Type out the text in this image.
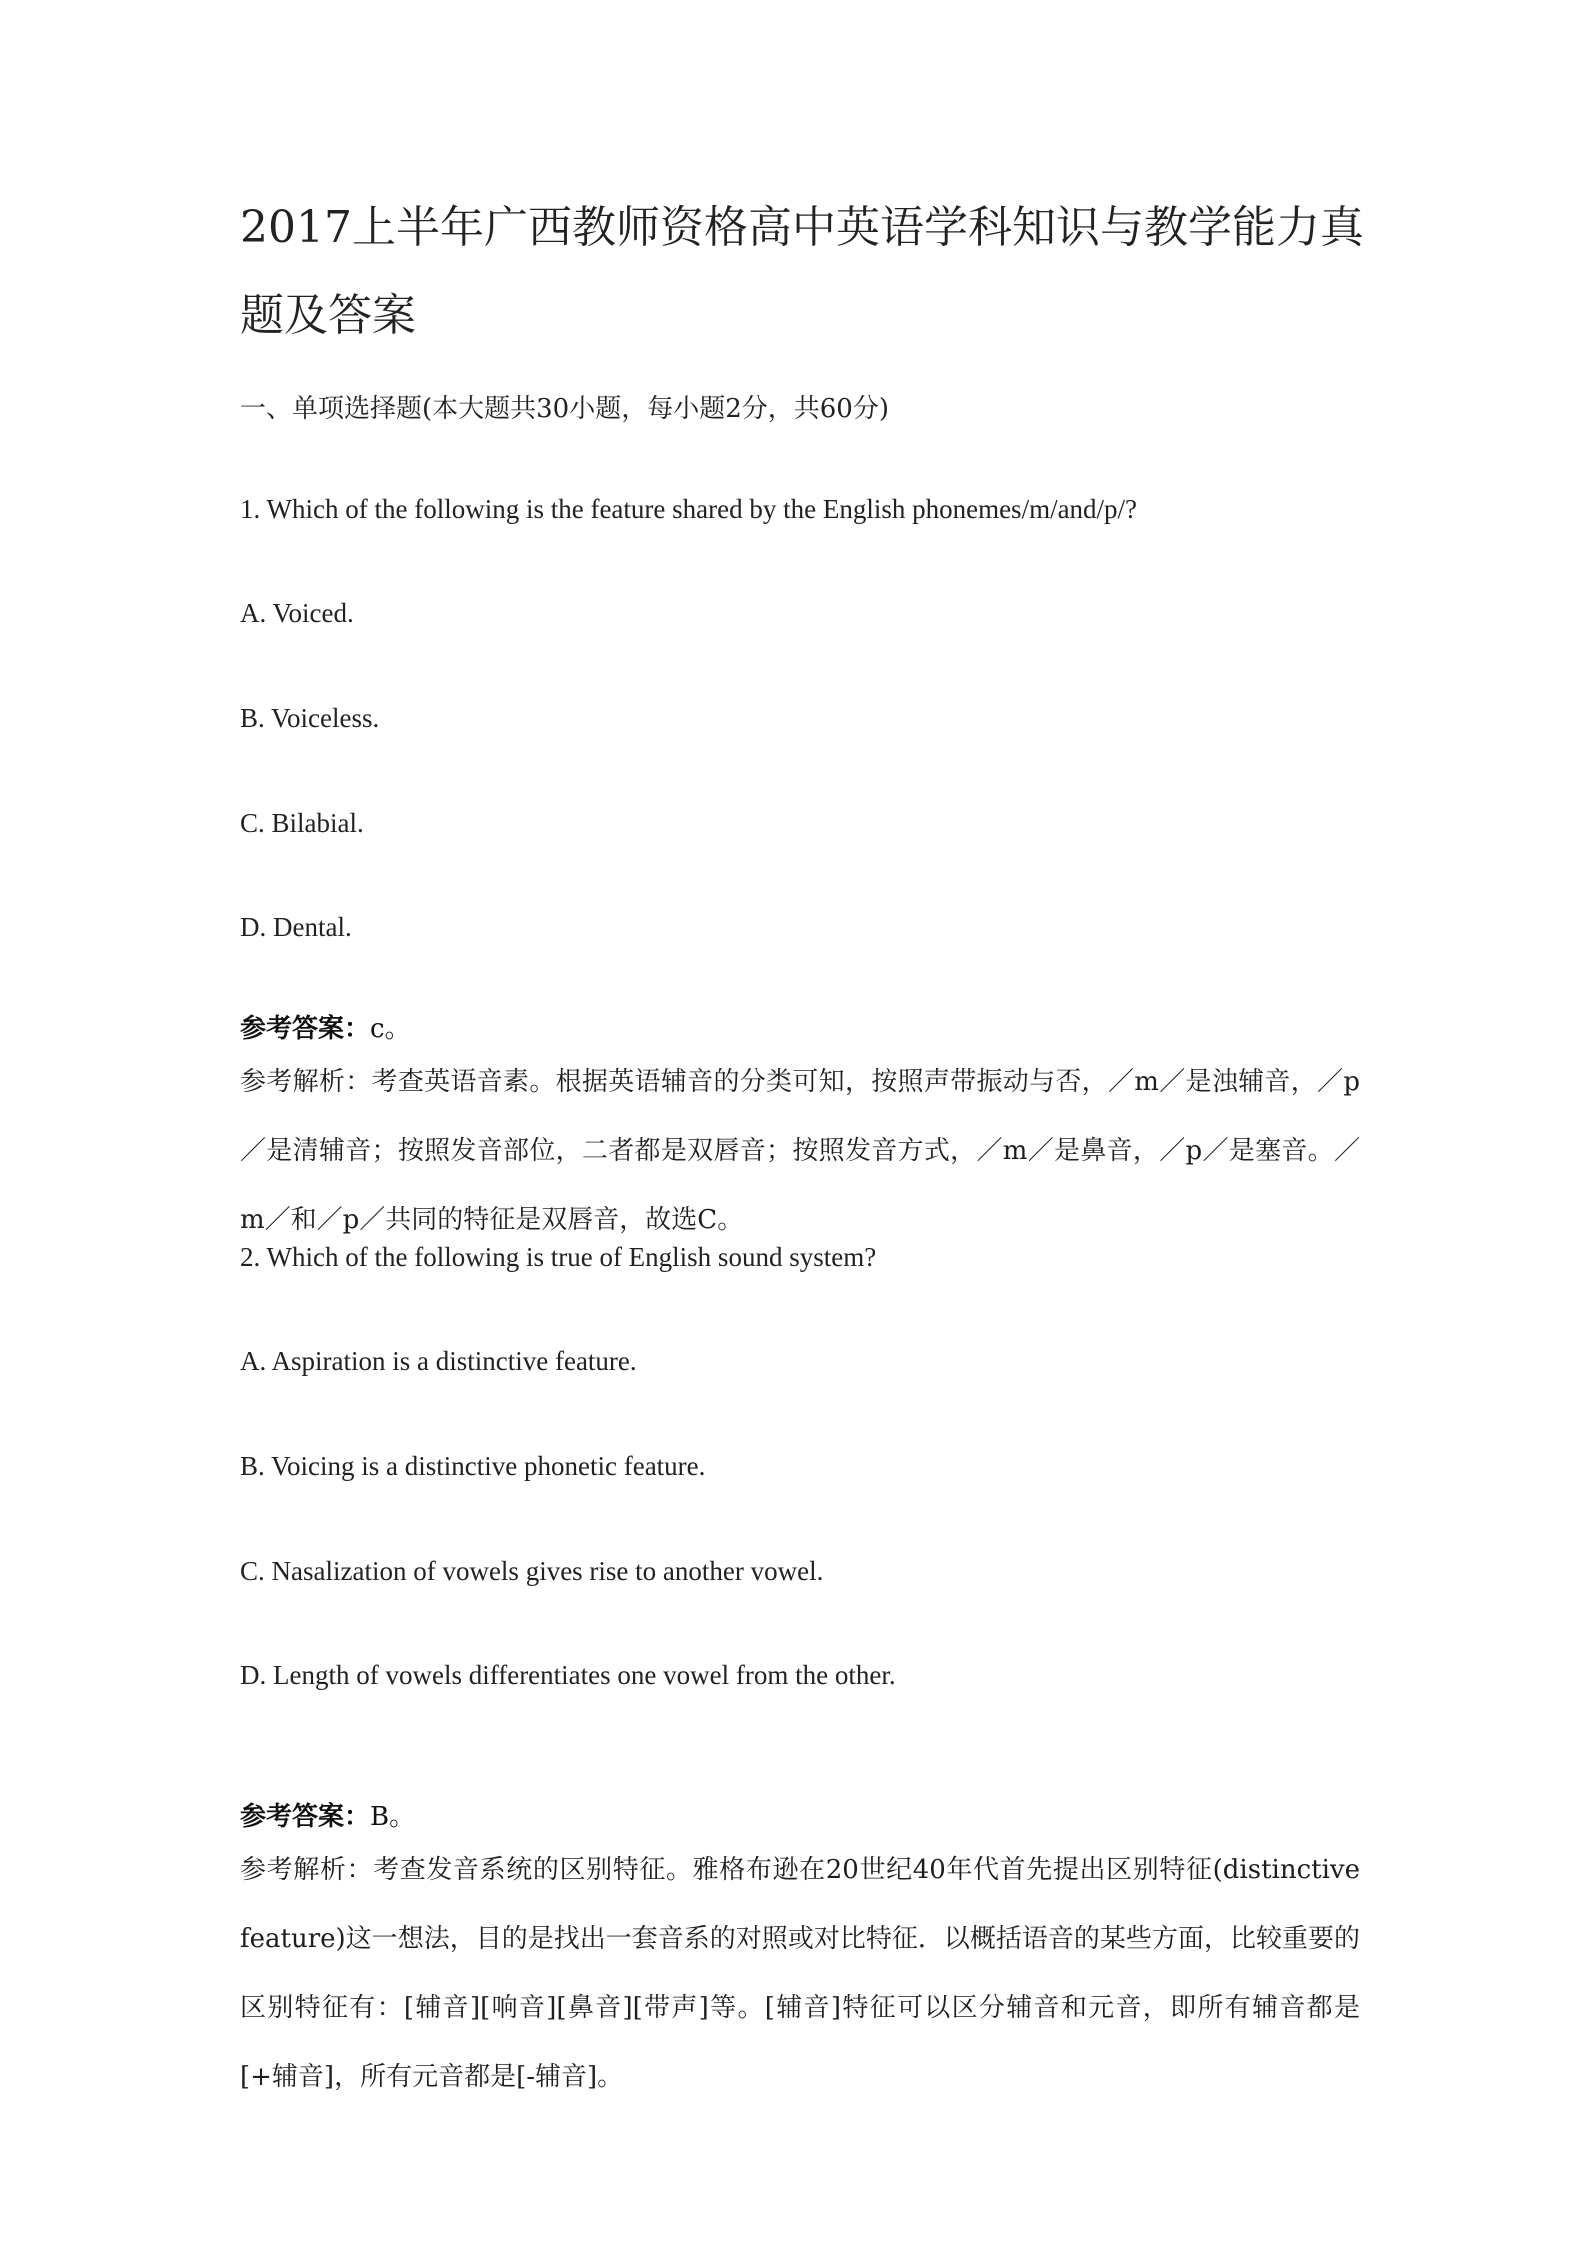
2017上半年广西教师资格高中英语学科知识与教学能力真
题及答案
一、单项选择题(本大题共30小题，每小题2分，共60分)
1. Which of the following is the feature shared by the English phonemes/m/and/p/?
A. Voiced.
B. Voiceless.
C. Bilabial.
D. Dental.
参考答案：c。

参考解析：考查英语音素。根据英语辅音的分类可知，按照声带振动与否，／m／是浊辅音，／p／是清辅音；按照发音部位，二者都是双唇音；按照发音方式，／m／是鼻音，／p／是塞音。／m／和／p／共同的特征是双唇音，故选C。

2. Which of the following is true of English sound system?
A. Aspiration is a distinctive feature.
B. Voicing is a distinctive phonetic feature.
C. Nasalization of vowels gives rise to another vowel.
D. Length of vowels differentiates one vowel from the other.
参考答案：B。

参考解析：考查发音系统的区别特征。雅格布逊在20世纪40年代首先提出区别特征(distinctive feature)这一想法，目的是找出一套音系的对照或对比特征．以概括语音的某些方面，比较重要的区别特征有：[辅音][响音][鼻音][带声]等。[辅音]特征可以区分辅音和元音，即所有辅音都是[+辅音]，所有元音都是[-辅音]。
